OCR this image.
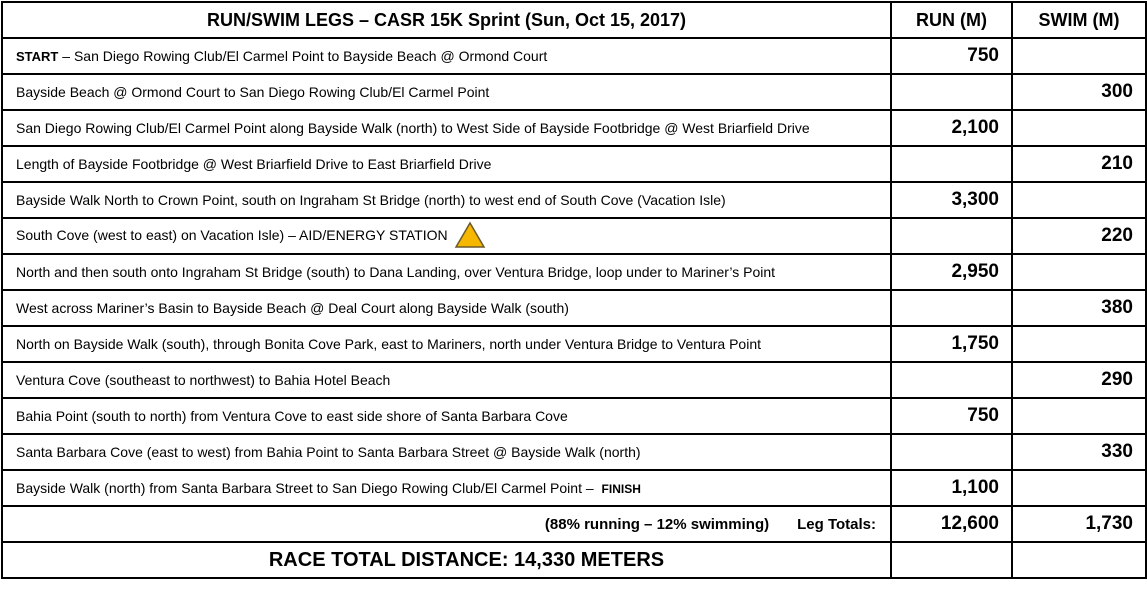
RUN/SWIM LEGS – CASR 15K Sprint (Sun, Oct 15, 2017)	RUN (M)	SWIM (M)
START – San Diego Rowing Club/El Carmel Point to Bayside Beach @ Ormond Court	750	
Bayside Beach @ Ormond Court to San Diego Rowing Club/El Carmel Point		300
San Diego Rowing Club/El Carmel Point along Bayside Walk (north) to West Side of Bayside Footbridge @ West Briarfield Drive	2,100	
Length of Bayside Footbridge @ West Briarfield Drive to East Briarfield Drive		210
Bayside Walk North to Crown Point, south on Ingraham St Bridge (north) to west end of South Cove (Vacation Isle)	3,300	
South Cove (west to east) on Vacation Isle) – AID/ENERGY STATION		220
North and then south onto Ingraham St Bridge (south) to Dana Landing, over Ventura Bridge, loop under to Mariner’s Point	2,950	
West across Mariner’s Basin to Bayside Beach @ Deal Court along Bayside Walk (south)		380
North on Bayside Walk (south), through Bonita Cove Park, east to Mariners, north under Ventura Bridge to Ventura Point	1,750	
Ventura Cove (southeast to northwest) to Bahia Hotel Beach		290
Bahia Point (south to north) from Ventura Cove to east side shore of Santa Barbara Cove	750	
Santa Barbara Cove (east to west) from Bahia Point to Santa Barbara Street @ Bayside Walk (north)		330
Bayside Walk (north) from Santa Barbara Street to San Diego Rowing Club/El Carmel Point – FINISH	1,100	
(88% running – 12% swimming) Leg Totals:	12,600	1,730
RACE TOTAL DISTANCE: 14,330 METERS		
